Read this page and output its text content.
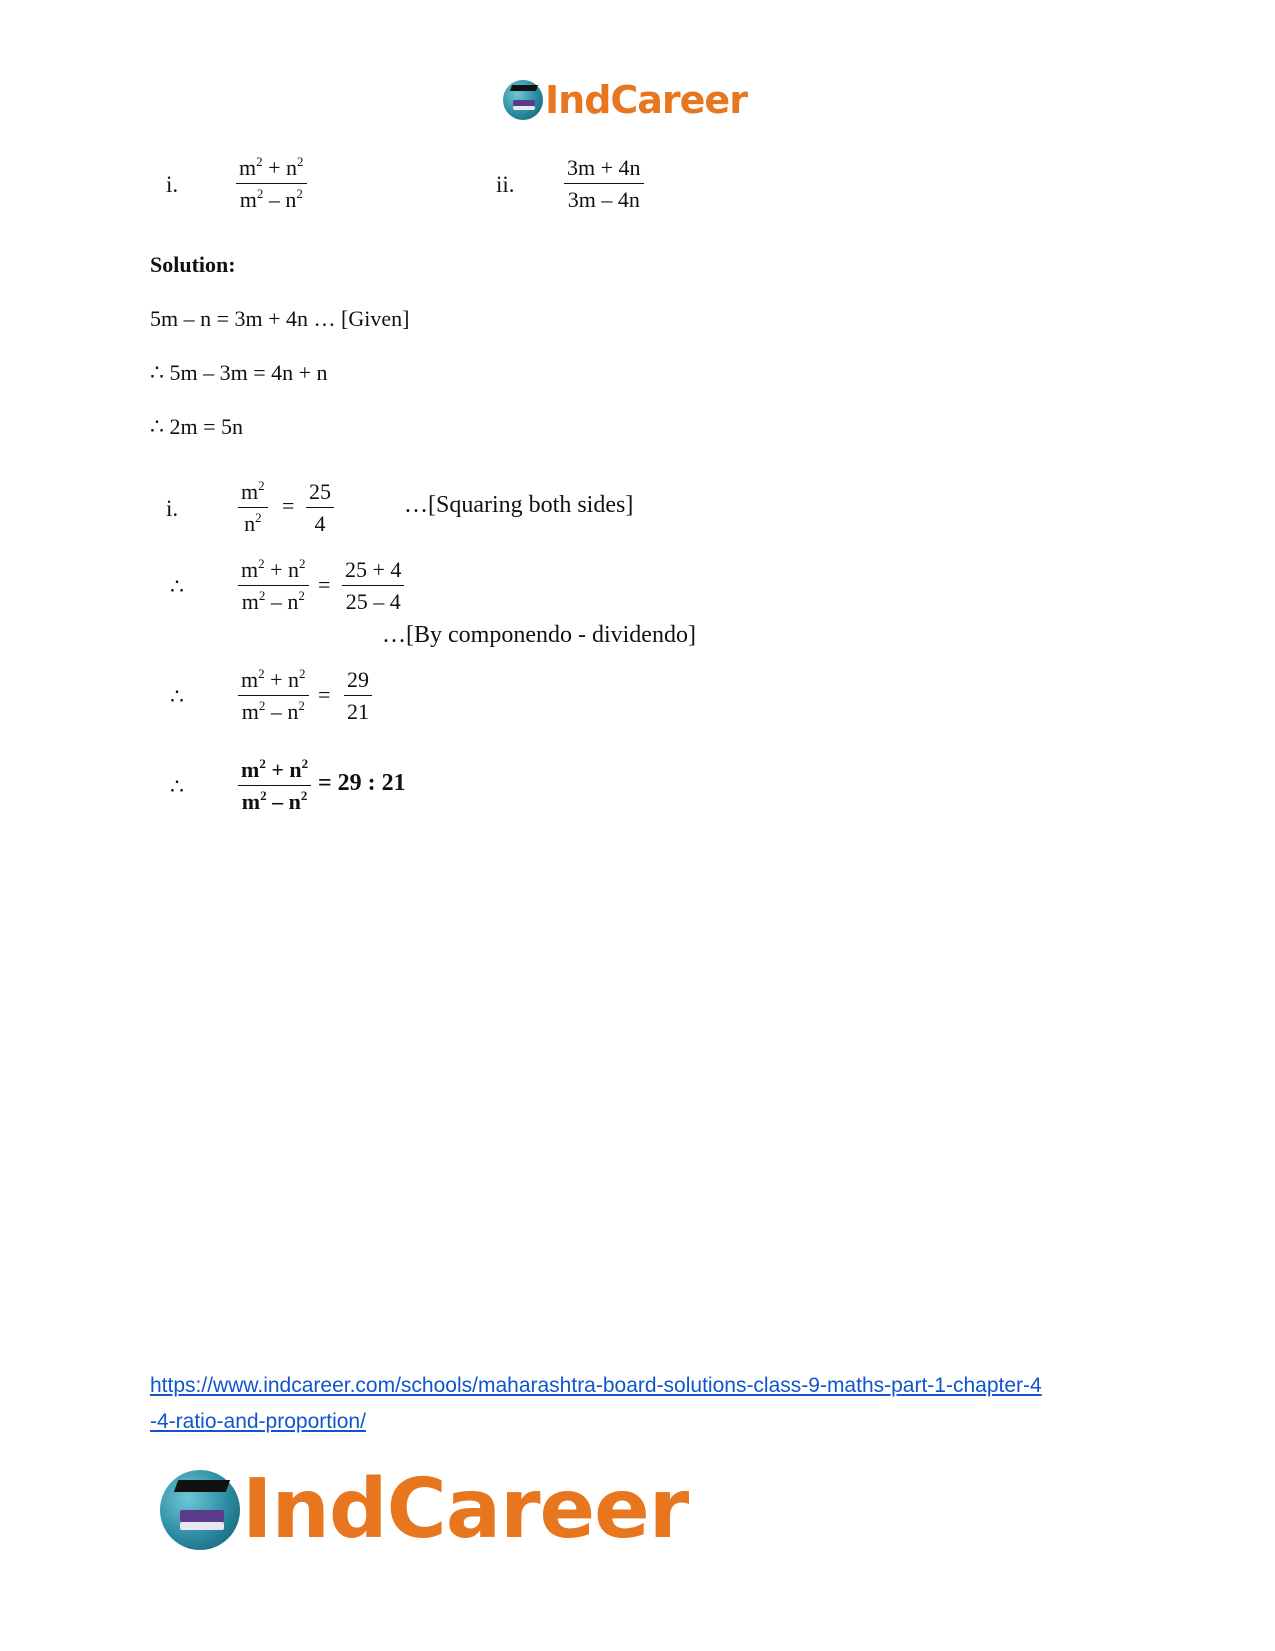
IndCareer
i.	$\frac{m^2 + n^2}{m^2 - n^2}$	ii. $\frac{3m + 4n}{3m - 4n}$
Solution:
5m – n = 3m + 4n … [Given]
∴ 5m – 3m = 4n + n
∴ 2m = 5n
i.	$\frac{m^2}{n^2} = \frac{25}{4}$	…[Squaring both sides]
∴ $\frac{m^2 + n^2}{m^2 - n^2} = \frac{25 + 4}{25 - 4}$
…[By componendo - dividendo]
∴ $\frac{m^2 + n^2}{m^2 - n^2} = \frac{29}{21}$
∴ $\frac{m^2 + n^2}{m^2 - n^2} = 29$ : 21
https://www.indcareer.com/schools/maharashtra-board-solutions-class-9-maths-part-1-chapter-4
-4-ratio-and-proportion/
IndCareer
